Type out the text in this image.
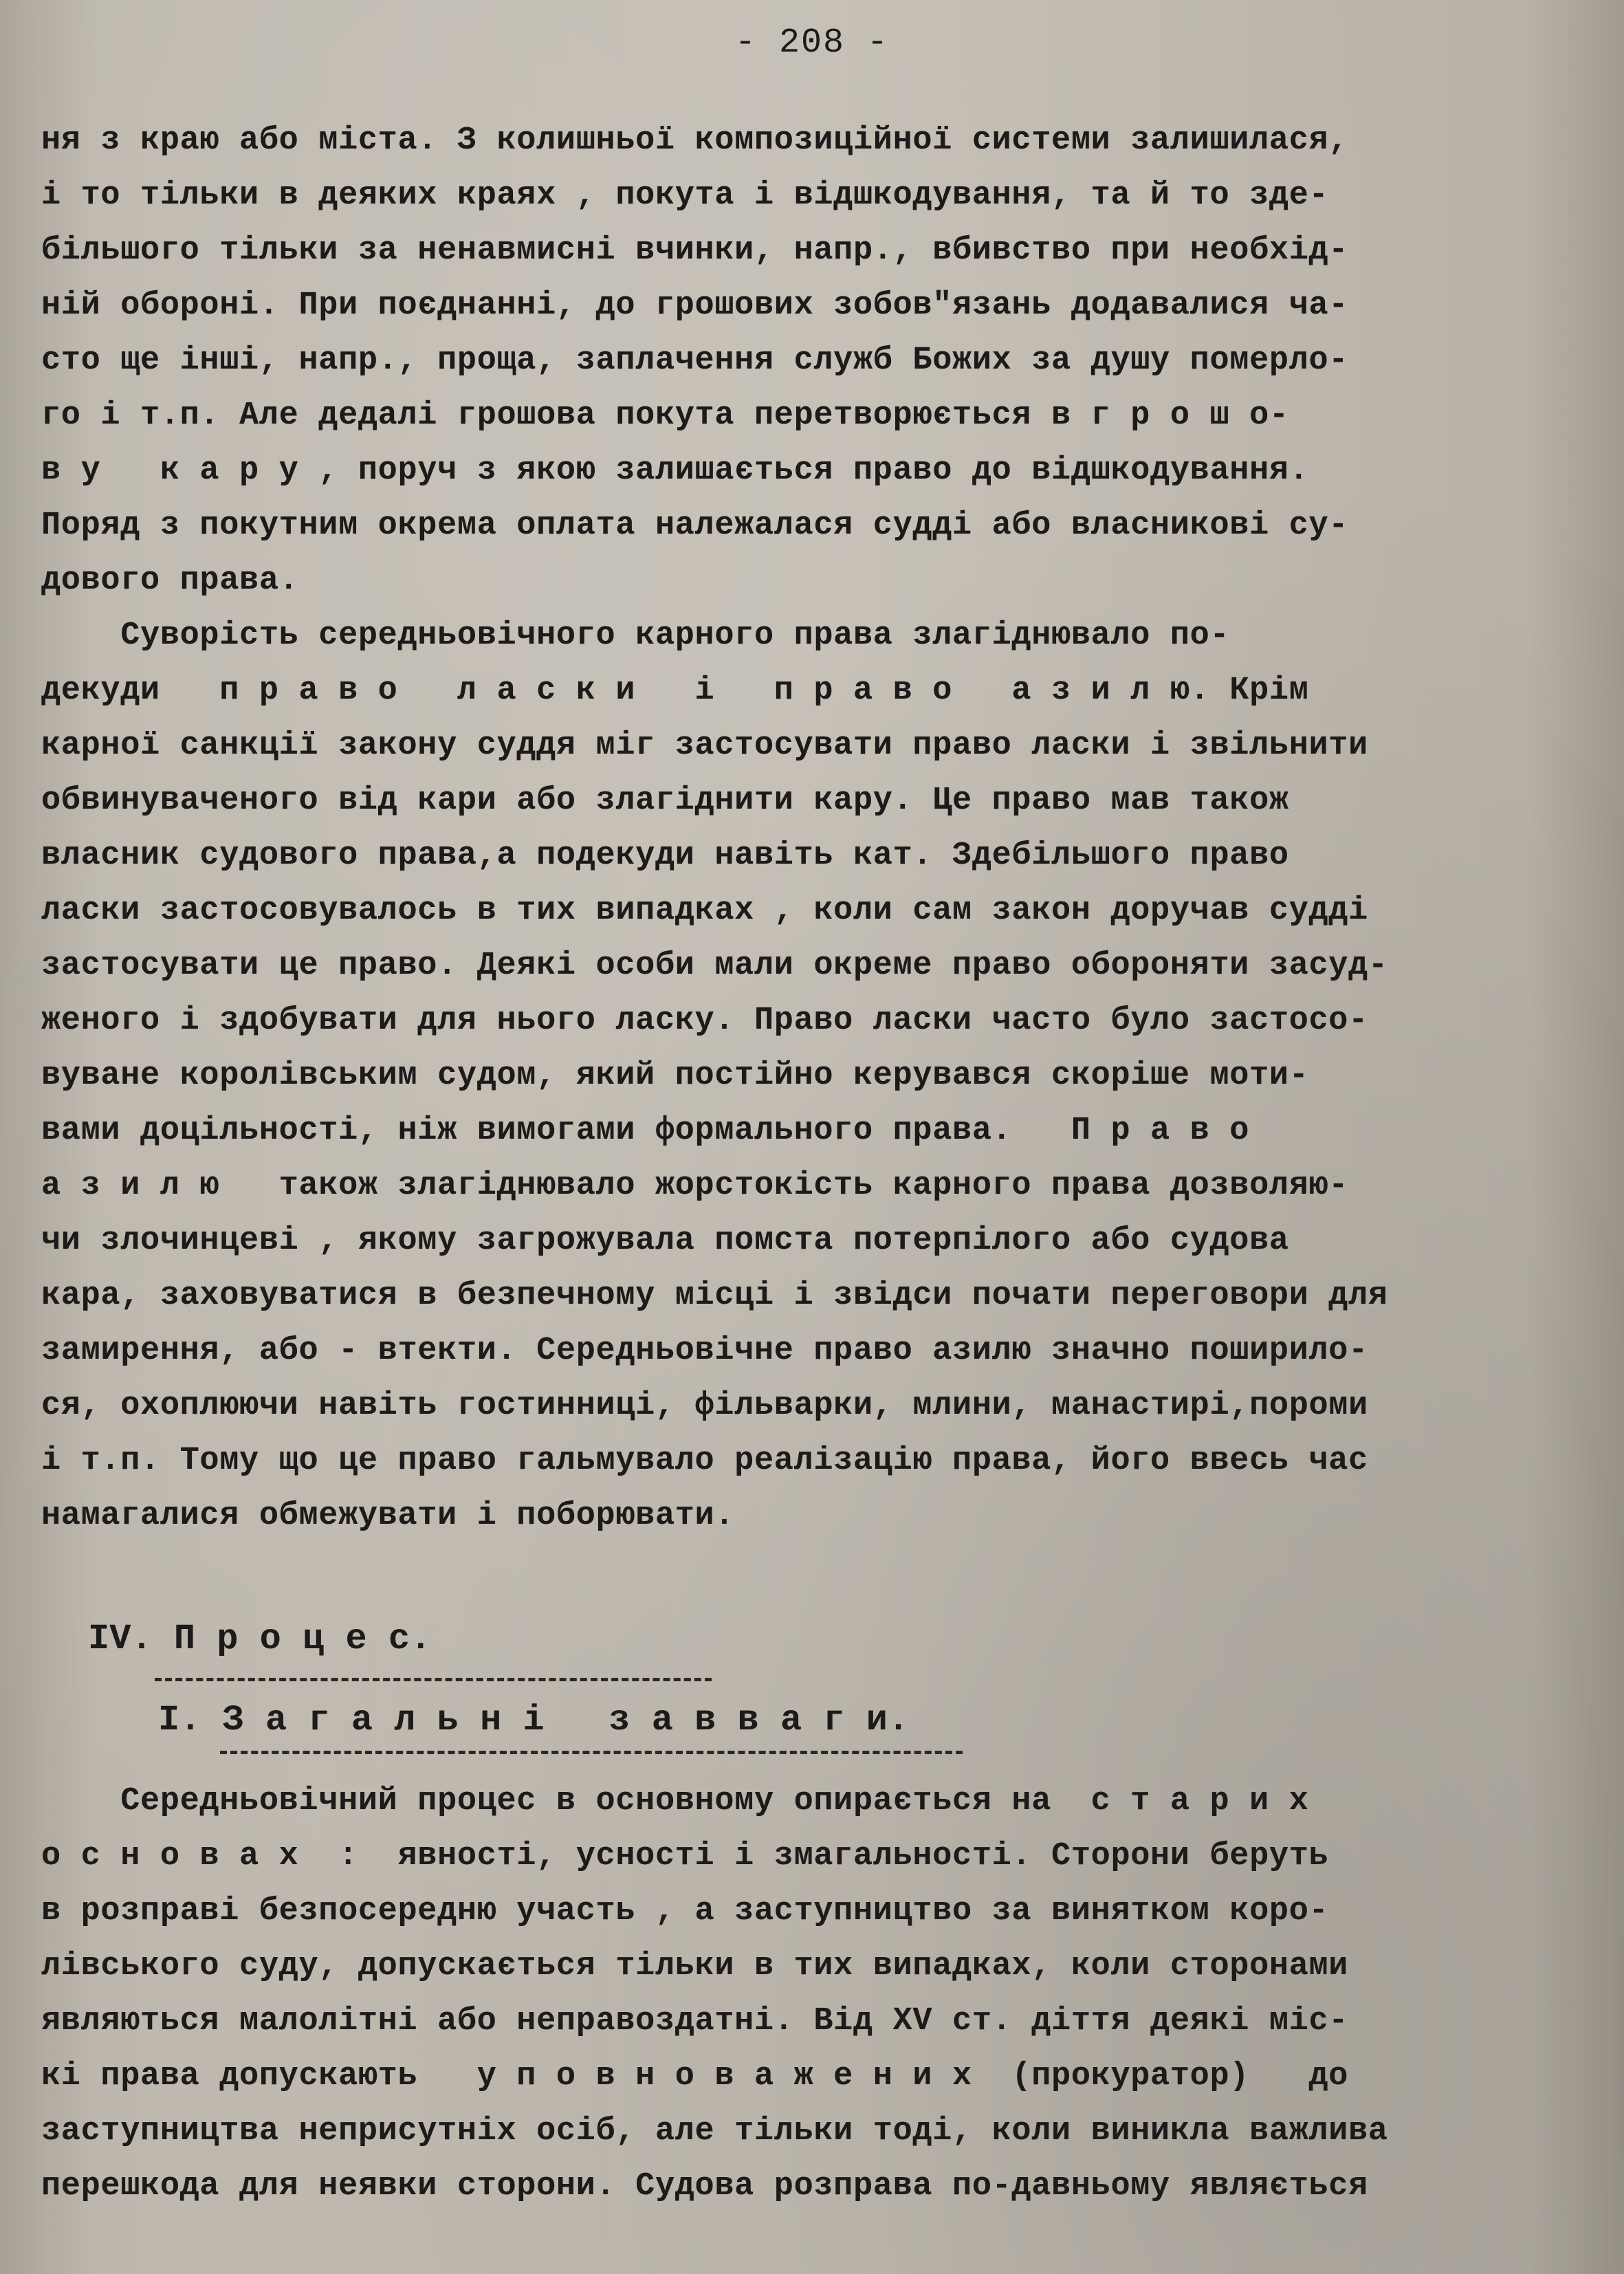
- 208 -
ня з краю або міста. З колишньої композиційної системи залишилася,
і то тільки в деяких краях , покута і відшкодування, та й то зде-
більшого тільки за ненавмисні вчинки, напр., вбивство при необхід-
ній обороні. При поєднанні, до грошових зобов"язань додавалися ча-
сто ще інші, напр., проща, заплачення служб Божих за душу померло-
го і т.п. Але дедалі грошова покута перетворюється в г р о ш о-
в у   к а р у , поруч з якою залишається право до відшкодування.
Поряд з покутним окрема оплата належалася судді або власникові су-
дового права.
Суворість середньовічного карного права злагіднювало по-
декуди   п р а в о   л а с к и   і   п р а в о   а з и л ю. Крім
карної санкції закону суддя міг застосувати право ласки і звільнити
обвинуваченого від кари або злагіднити кару. Це право мав також
власник судового права,а подекуди навіть кат. Здебільшого право
ласки застосовувалось в тих випадках , коли сам закон доручав судді
застосувати це право. Деякі особи мали окреме право обороняти засуд-
женого і здобувати для нього ласку. Право ласки часто було застосо-
вуване королівським судом, який постійно керувався скоріше моти-
вами доцільності, ніж вимогами формального права.   П р а в о
а з и л ю   також злагіднювало жорстокість карного права дозволяю-
чи злочинцеві , якому загрожувала помста потерпілого або судова
кара, заховуватися в безпечному місці і звідси почати переговори для
замирення, або - втекти. Середньовічне право азилю значно поширило-
ся, охоплюючи навіть гостинниці, фільварки, млини, манастирі,пороми
і т.п. Тому що це право гальмувало реалізацію права, його ввесь час
намагалися обмежувати і поборювати.
IV. П р о ц е с.
I. З а г а л ь н і   з а в в а г и.
Середньовічний процес в основному опирається на  с т а р и х
о с н о в а х  :  явності, усності і змагальності. Сторони беруть
в розправі безпосередню участь , а заступництво за винятком коро-
лівського суду, допускається тільки в тих випадках, коли сторонами
являються малолітні або неправоздатні. Від XV ст. діття деякі міс-
кі права допускають   у п о в н о в а ж е н и х  (прокуратор)   до
заступництва неприсутніх осіб, але тільки тоді, коли виникла важлива
перешкода для неявки сторони. Судова розправа по-давньому являється
